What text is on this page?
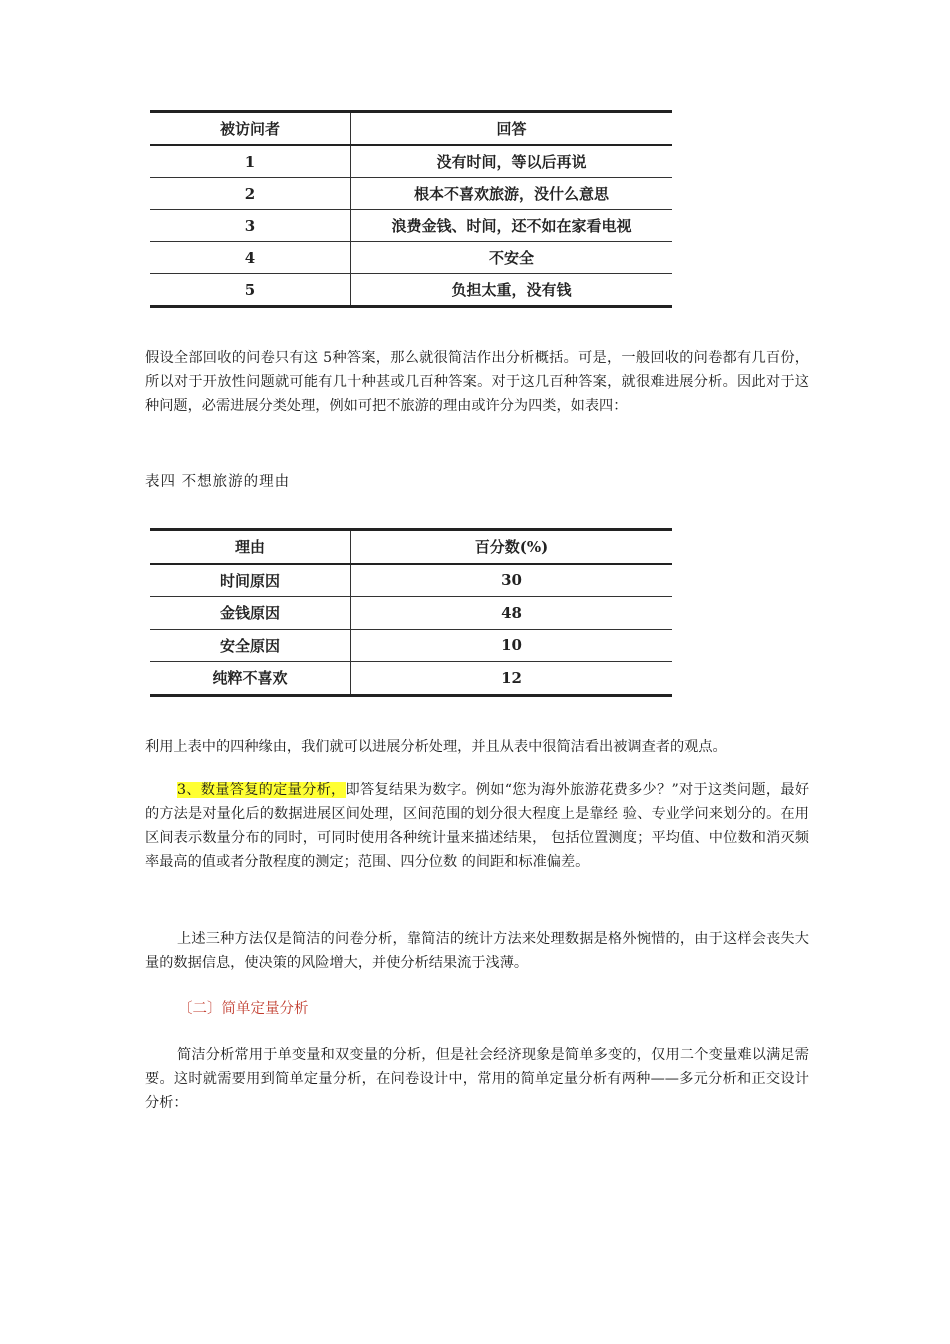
被访问者	回答
1	没有时间，等以后再说
2	根本不喜欢旅游，没什么意思
3	浪费金钱、时间，还不如在家看电视
4	不安全
5	负担太重，没有钱

假设全部回收的问卷只有这 5种答案，那么就很简洁作出分析概括。可是，一般回收的问卷都有几百份，所以对于开放性问题就可能有几十种甚或几百种答案。对于这几百种答案，就很难进展分析。因此对于这种问题，必需进展分类处理，例如可把不旅游的理由或许分为四类，如表四：

表四 不想旅游的理由

理由	百分数(%)
时间原因	30
金钱原因	48
安全原因	10
纯粹不喜欢	12

利用上表中的四种缘由，我们就可以进展分析处理，并且从表中很简洁看出被调查者的观点。

3、数量答复的定量分析，即答复结果为数字。例如“您为海外旅游花费多少？”对于这类问题，最好的方法是对量化后的数据进展区间处理，区间范围的划分很大程度上是靠经 验、专业学问来划分的。在用区间表示数量分布的同时，可同时使用各种统计量来描述结果， 包括位置测度；平均值、中位数和消灭频率最高的值或者分散程度的测定；范围、四分位数 的间距和标准偏差。

上述三种方法仅是简洁的问卷分析，靠简洁的统计方法来处理数据是格外惋惜的，由于这样会丧失大量的数据信息，使决策的风险增大，并使分析结果流于浅薄。

〔二〕简单定量分析

简洁分析常用于单变量和双变量的分析，但是社会经济现象是简单多变的，仅用二个变量难以满足需要。这时就需要用到简单定量分析，在问卷设计中，常用的简单定量分析有两种——多元分析和正交设计分析：
